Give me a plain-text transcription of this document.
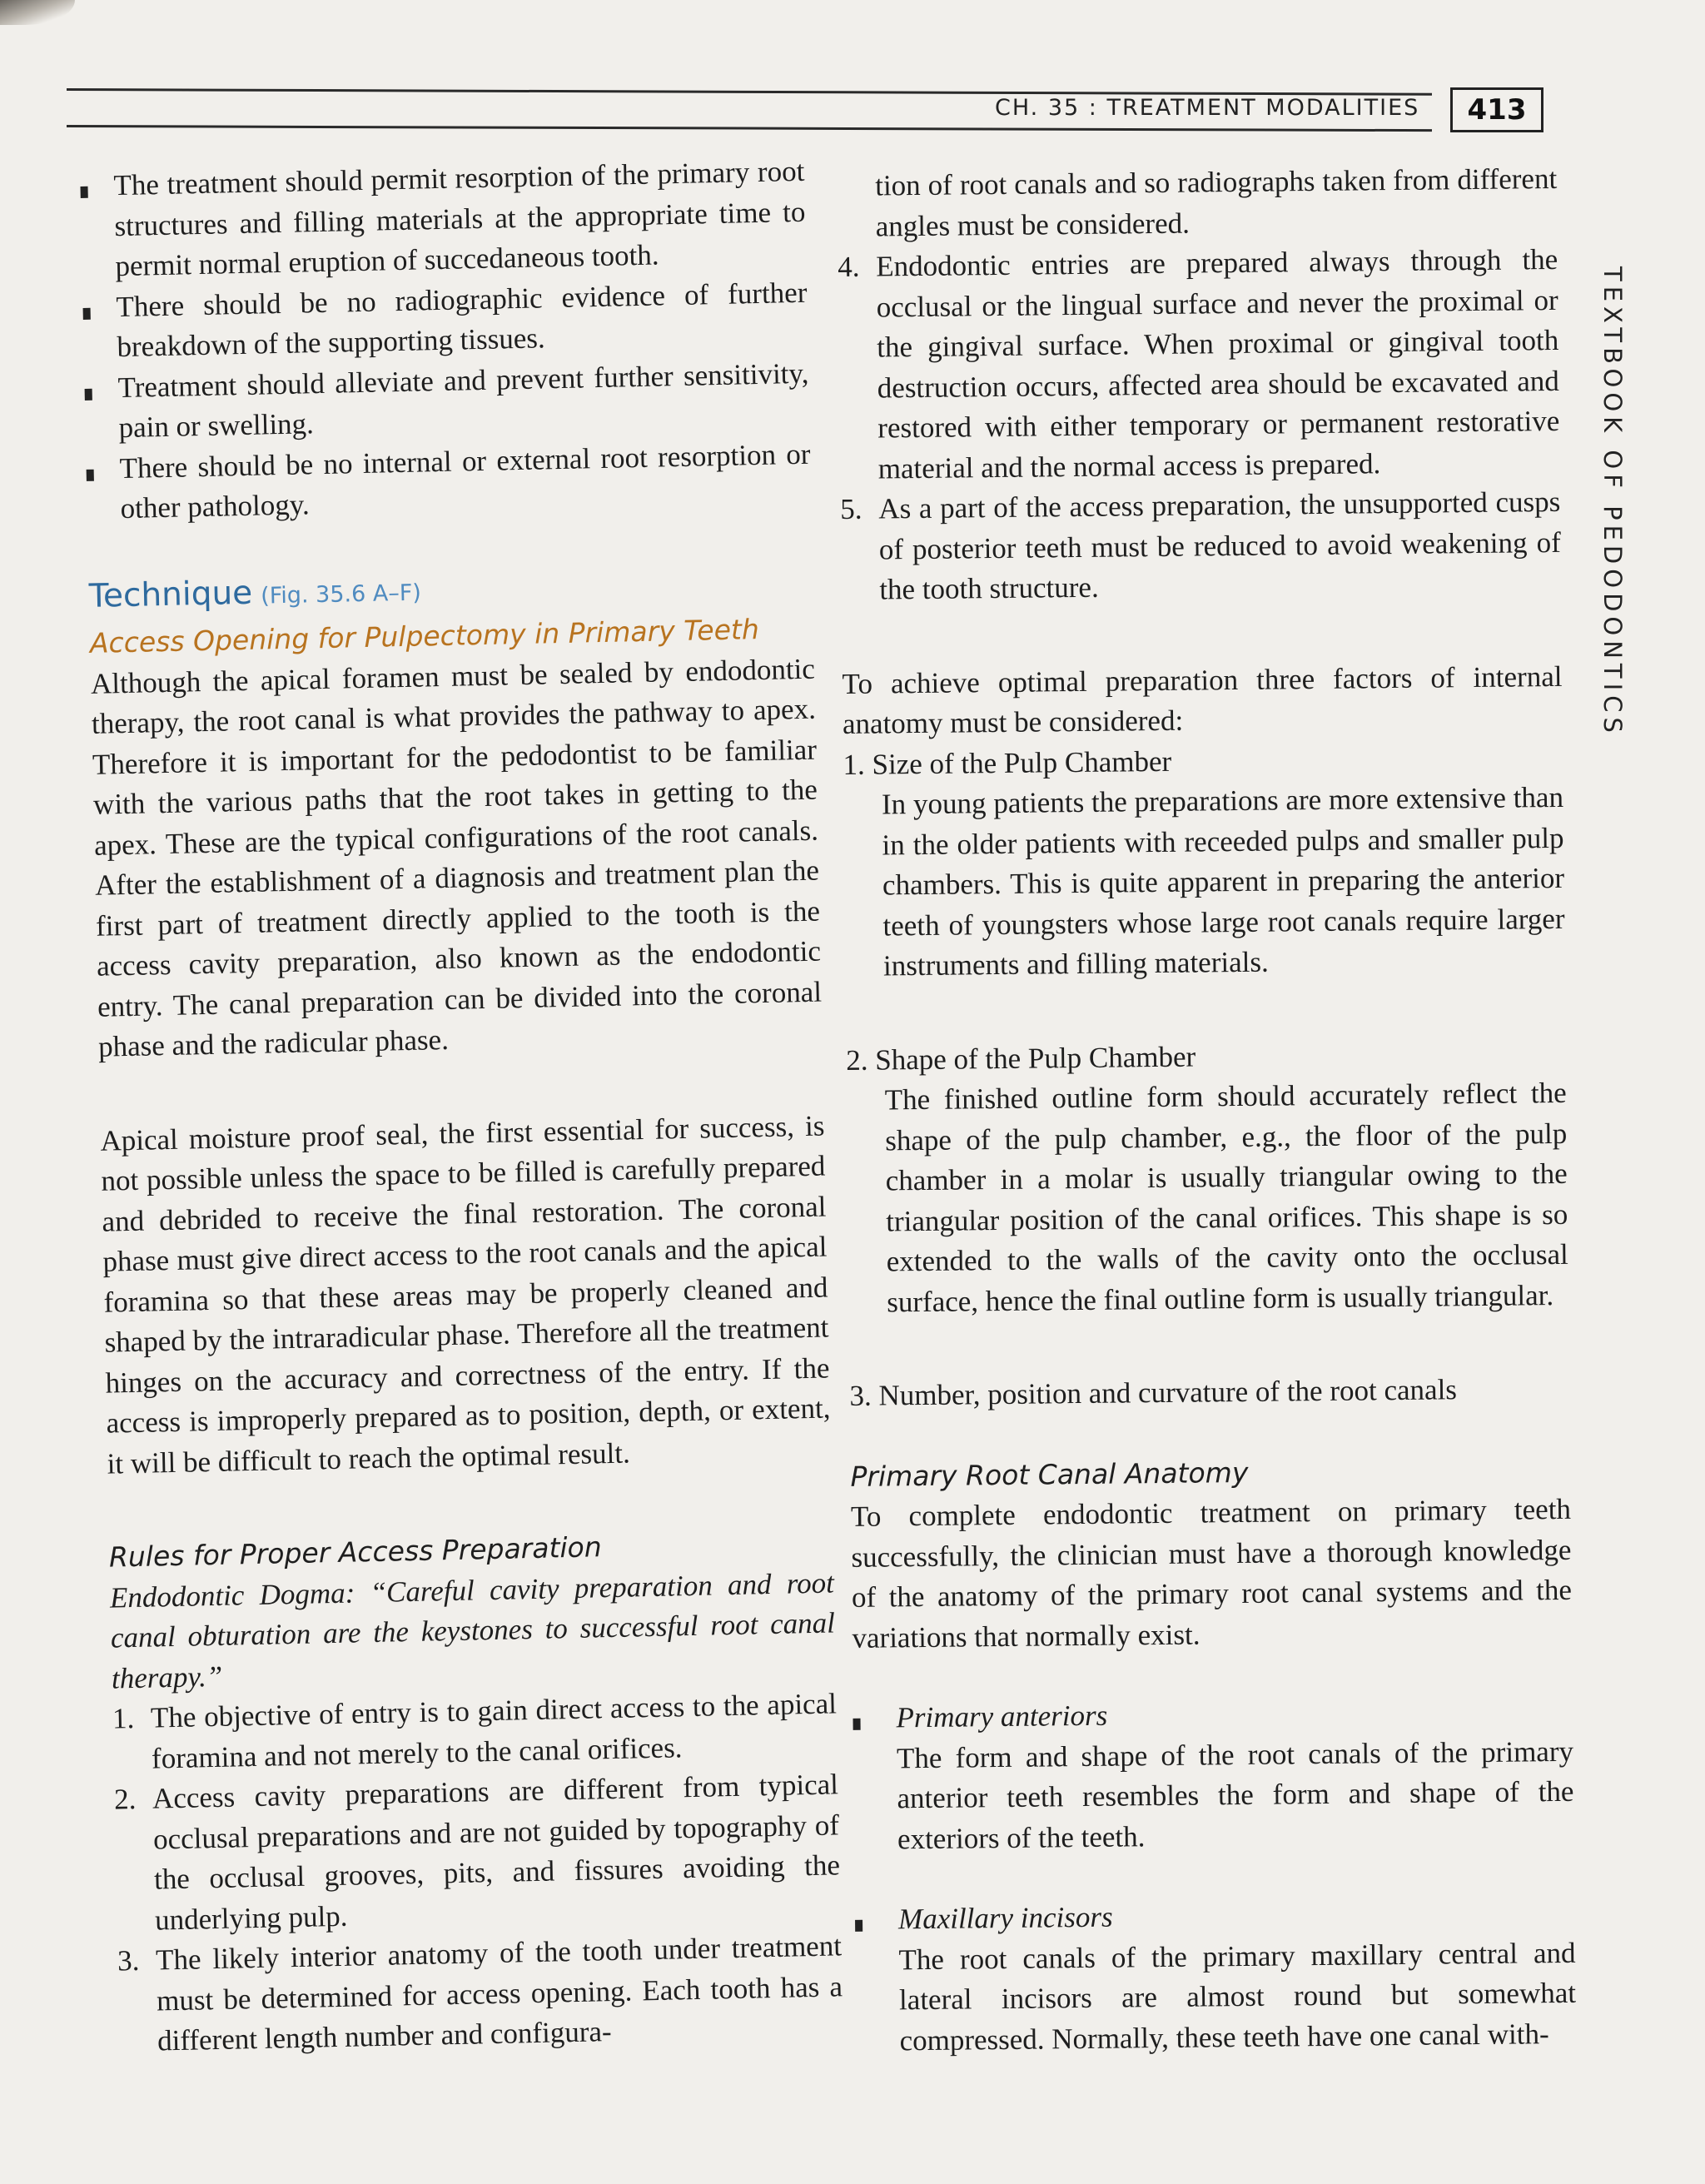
CH. 35 : TREATMENT MODALITIES	413
TEXTBOOK OF PEDODONTICS
The treatment should permit resorption of the primary root structures and filling materials at the appropriate time to permit normal eruption of succedaneous tooth.
There should be no radiographic evidence of further breakdown of the supporting tissues.
Treatment should alleviate and prevent further sensitivity, pain or swelling.
There should be no internal or external root resorption or other pathology.
Technique (Fig. 35.6 A–F)
Access Opening for Pulpectomy in Primary Teeth

Although the apical foramen must be sealed by endodontic therapy, the root canal is what provides the pathway to apex. Therefore it is important for the pedodontist to be familiar with the various paths that the root takes in getting to the apex. These are the typical configurations of the root canals. After the establishment of a diagnosis and treatment plan the first part of treatment directly applied to the tooth is the access cavity preparation, also known as the endodontic entry. The canal preparation can be divided into the coronal phase and the radicular phase.

Apical moisture proof seal, the first essential for success, is not possible unless the space to be filled is carefully prepared and debrided to receive the final restoration. The coronal phase must give direct access to the root canals and the apical foramina so that these areas may be properly cleaned and shaped by the intraradicular phase. Therefore all the treatment hinges on the accuracy and correctness of the entry. If the access is improperly prepared as to position, depth, or extent, it will be difficult to reach the optimal result.

Rules for Proper Access Preparation

Endodontic Dogma: “Careful cavity preparation and root canal obturation are the keystones to successful root canal therapy.”

1. The objective of entry is to gain direct access to the apical foramina and not merely to the canal orifices.
2. Access cavity preparations are different from typical occlusal preparations and are not guided by topography of the occlusal grooves, pits, and fissures avoiding the underlying pulp.
3. The likely interior anatomy of the tooth under treatment must be determined for access opening. Each tooth has a different length number and configura-

tion of root canals and so radiographs taken from different angles must be considered.

4. Endodontic entries are prepared always through the occlusal or the lingual surface and never the proximal or the gingival surface. When proximal or gingival tooth destruction occurs, affected area should be excavated and restored with either temporary or permanent restorative material and the normal access is prepared.
5. As a part of the access preparation, the unsupported cusps of posterior teeth must be reduced to avoid weakening of the tooth structure.

To achieve optimal preparation three factors of internal anatomy must be considered:

1. Size of the Pulp Chamber
In young patients the preparations are more extensive than in the older patients with receeded pulps and smaller pulp chambers. This is quite apparent in preparing the anterior teeth of youngsters whose large root canals require larger instruments and filling materials.
2. Shape of the Pulp Chamber
The finished outline form should accurately reflect the shape of the pulp chamber, e.g., the floor of the pulp chamber in a molar is usually triangular owing to the triangular position of the canal orifices. This shape is so extended to the walls of the cavity onto the occlusal surface, hence the final outline form is usually triangular.
3. Number, position and curvature of the root canals
Primary Root Canal Anatomy

To complete endodontic treatment on primary teeth successfully, the clinician must have a thorough knowledge of the anatomy of the primary root canal systems and the variations that normally exist.

Primary anteriors
The form and shape of the root canals of the primary anterior teeth resembles the form and shape of the exteriors of the teeth.
Maxillary incisors
The root canals of the primary maxillary central and lateral incisors are almost round but somewhat compressed. Normally, these teeth have one canal with-
